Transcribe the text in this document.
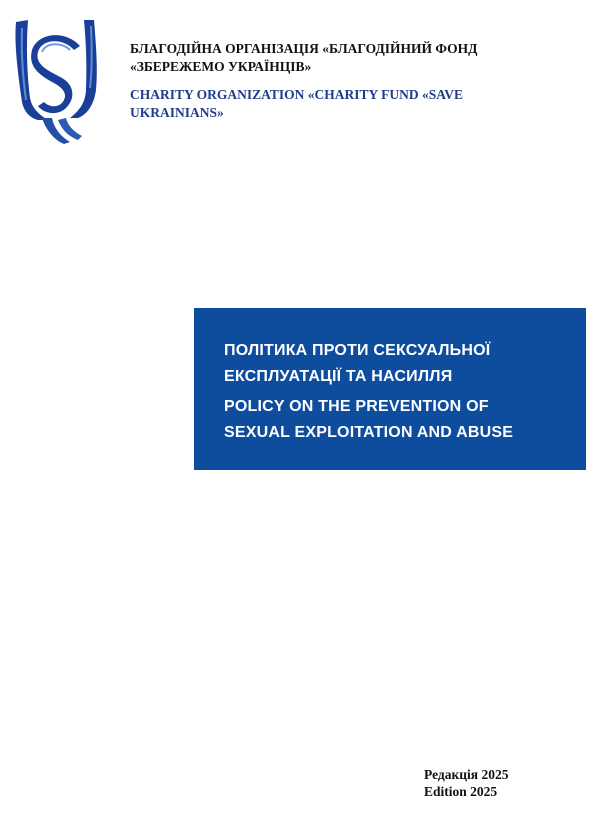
БЛАГОДІЙНА ОРГАНІЗАЦІЯ «БЛАГОДІЙНИЙ ФОНД
«ЗБЕРЕЖЕМО УКРАЇНЦІВ»
CHARITY ORGANIZATION «CHARITY FUND «SAVE
UKRAINIANS»
ПОЛІТИКА ПРОТИ СЕКСУАЛЬНОЇ
ЕКСПЛУАТАЦІЇ ТА НАСИЛЛЯ
POLICY ON THE PREVENTION OF
SEXUAL EXPLOITATION AND ABUSE
Редакція 2025
Edition 2025
